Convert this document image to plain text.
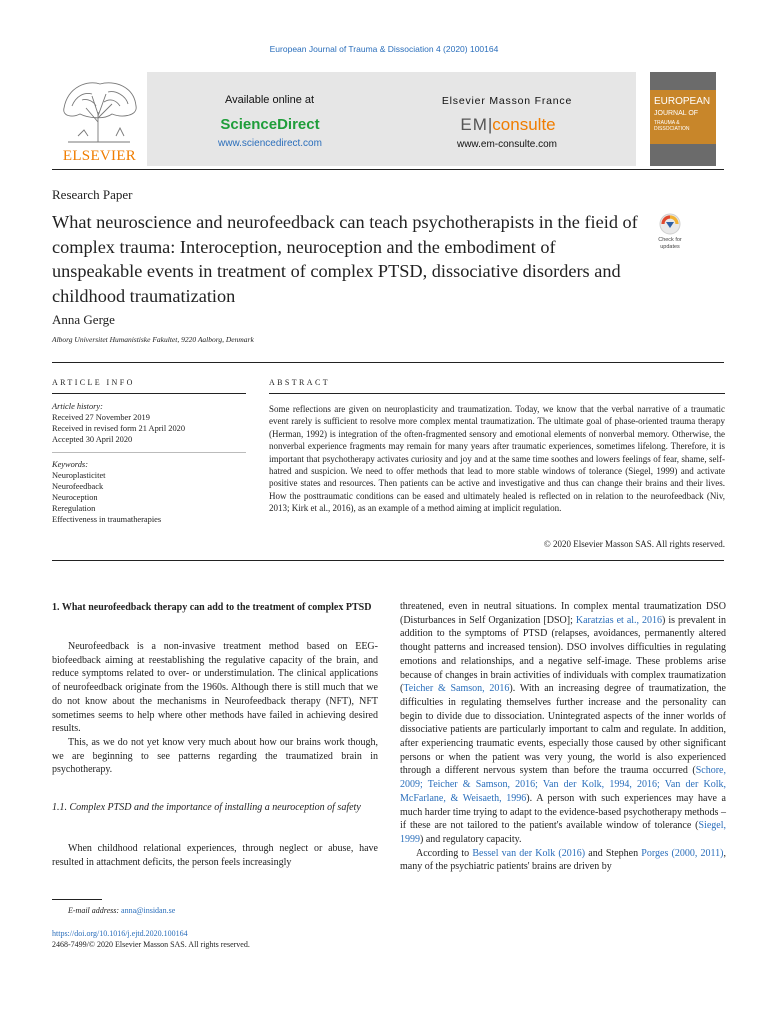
European Journal of Trauma & Dissociation 4 (2020) 100164
ELSEVIER
Available online at
ScienceDirect
www.sciencedirect.com
Elsevier Masson France
EM|consulte
www.em-consulte.com
EUROPEAN
JOURNAL OF
TRAUMA & DISSOCIATION
Research Paper
What neuroscience and neurofeedback can teach psychotherapists in the fieid of complex trauma: Interoception, neuroception and the embodiment of unspeakable events in treatment of complex PTSD, dissociative disorders and childhood traumatization
Check for updates
Anna Gerge
Alborg Universitet Humanistiske Fakultet, 9220 Aalborg, Denmark
ARTICLE INFO
Article history:
Received 27 November 2019
Received in revised form 21 April 2020
Accepted 30 April 2020
Keywords:
Neuroplasticitet
Neurofeedback
Neuroception
Reregulation
Effectiveness in traumatherapies
ABSTRACT
Some reflections are given on neuroplasticity and traumatization. Today, we know that the verbal narrative of a traumatic event rarely is sufficient to resolve more complex mental traumatization. The ultimate goal of phase-oriented trauma therapy (Herman, 1992) is integration of the often-fragmented sensory and emotional elements of nonverbal memory. Otherwise, the nonverbal experience fragments may remain for many years after traumatic experiences, sometimes lifelong. Therefore, it is important that psychotherapy activates curiosity and joy and at the same time soothes and lowers feelings of fear, shame, self-hatred and suspicion. We need to offer methods that lead to more stable windows of tolerance (Siegel, 1999) and activate positive states and resources. Then patients can be active and investigative and thus can change their brains and their lives. How the posttraumatic conditions can be eased and ultimately healed is reflected on in relation to the neurofeedback (Niv, 2013; Kirk et al., 2016), as an example of a method aiming at implicit regulation.
© 2020 Elsevier Masson SAS. All rights reserved.
1. What neurofeedback therapy can add to the treatment of complex PTSD

Neurofeedback is a non-invasive treatment method based on EEG-biofeedback aiming at reestablishing the regulative capacity of the brain, and reduce symptoms related to over- or understimulation. The clinical applications of neurofeedback originate from the 1960s. Although there is still much that we do not know about the mechanisms in Neurofeedback therapy (NFT), NFT sometimes seems to help where other methods have failed in achieving desired results.

This, as we do not yet know very much about how our brains work though, we are beginning to see patterns regarding the traumatized brain in psychotherapy.

1.1. Complex PTSD and the importance of installing a neuroception of safety

When childhood relational experiences, through neglect or abuse, have resulted in attachment deficits, the person feels increasingly

threatened, even in neutral situations. In complex mental traumatization DSO (Disturbances in Self Organization [DSO]; Karatzias et al., 2016) is prevalent in addition to the symptoms of PTSD (relapses, avoidances, permanently altered thought patterns and increased tension). DSO involves difficulties in regulating emotions and relationships, and a negative self-image. These problems arise because of changes in brain activities of individuals with complex traumatization (Teicher & Samson, 2016). With an increasing degree of traumatization, the difficulties in regulating themselves further increase and the personality can begin to divide due to dissociation. Unintegrated aspects of the inner worlds of dissociative patients are particularly important to calm and regulate. In addition, after experiencing traumatic events, especially those caused by other significant persons or when the patient was very young, the world is also experienced through a different nervous system than before the trauma occurred (Schore, 2009; Teicher & Samson, 2016; Van der Kolk, 1994, 2016; Van der Kolk, McFarlane, & Weisaeth, 1996). A person with such experiences may have a much harder time trying to adapt to the evidence-based psychotherapy methods – if these are not tailored to the patient's available window of tolerance (Siegel, 1999) and regulatory capacity.

According to Bessel van der Kolk (2016) and Stephen Porges (2000, 2011), many of the psychiatric patients' brains are driven by

E-mail address: anna@insidan.se
https://doi.org/10.1016/j.ejtd.2020.100164
2468-7499/© 2020 Elsevier Masson SAS. All rights reserved.
